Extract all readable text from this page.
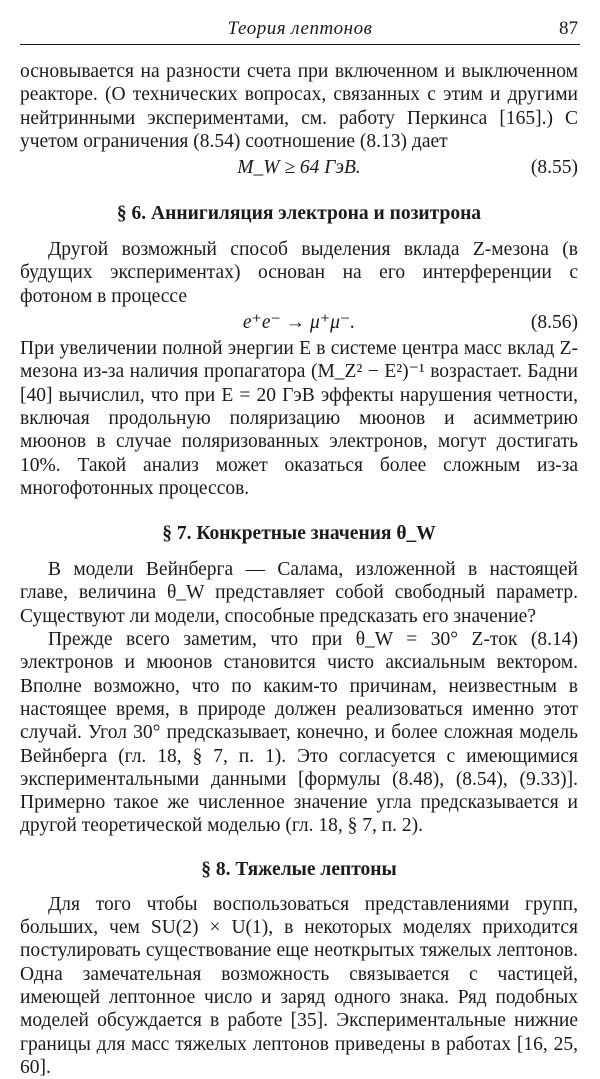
Теория лептонов	87

основывается на разности счета при включенном и выключенном реакторе. (О технических вопросах, связанных с этим и другими нейтринными экспериментами, см. работу Перкинса [165].) С учетом ограничения (8.54) соотношение (8.13) дает

M_W ≥ 64 ГэВ.	(8.55)
§ 6. Аннигиляция электрона и позитрона

Другой возможный способ выделения вклада Z-мезона (в будущих экспериментах) основан на его интерференции с фотоном в процессе

e⁺e⁻ → μ⁺μ⁻.	(8.56)

При увеличении полной энергии E в системе центра масс вклад Z-мезона из-за наличия пропагатора (M_Z² − E²)⁻¹ возрастает. Бадни [40] вычислил, что при E = 20 ГэВ эффекты нарушения четности, включая продольную поляризацию мюонов и асимметрию мюонов в случае поляризованных электронов, могут достигать 10%. Такой анализ может оказаться более сложным из-за многофотонных процессов.

§ 7. Конкретные значения θ_W

В модели Вейнберга — Салама, изложенной в настоящей главе, величина θ_W представляет собой свободный параметр. Существуют ли модели, способные предсказать его значение?

Прежде всего заметим, что при θ_W = 30° Z-ток (8.14) электронов и мюонов становится чисто аксиальным вектором. Вполне возможно, что по каким-то причинам, неизвестным в настоящее время, в природе должен реализоваться именно этот случай. Угол 30° предсказывает, конечно, и более сложная модель Вейнберга (гл. 18, § 7, п. 1). Это согласуется с имеющимися экспериментальными данными [формулы (8.48), (8.54), (9.33)]. Примерно такое же численное значение угла предсказывается и другой теоретической моделью (гл. 18, § 7, п. 2).

§ 8. Тяжелые лептоны

Для того чтобы воспользоваться представлениями групп, больших, чем SU(2) × U(1), в некоторых моделях приходится постулировать существование еще неоткрытых тяжелых лептонов. Одна замечательная возможность связывается с частицей, имеющей лептонное число и заряд одного знака. Ряд подобных моделей обсуждается в работе [35]. Экспериментальные нижние границы для масс тяжелых лептонов приведены в работах [16, 25, 60].
